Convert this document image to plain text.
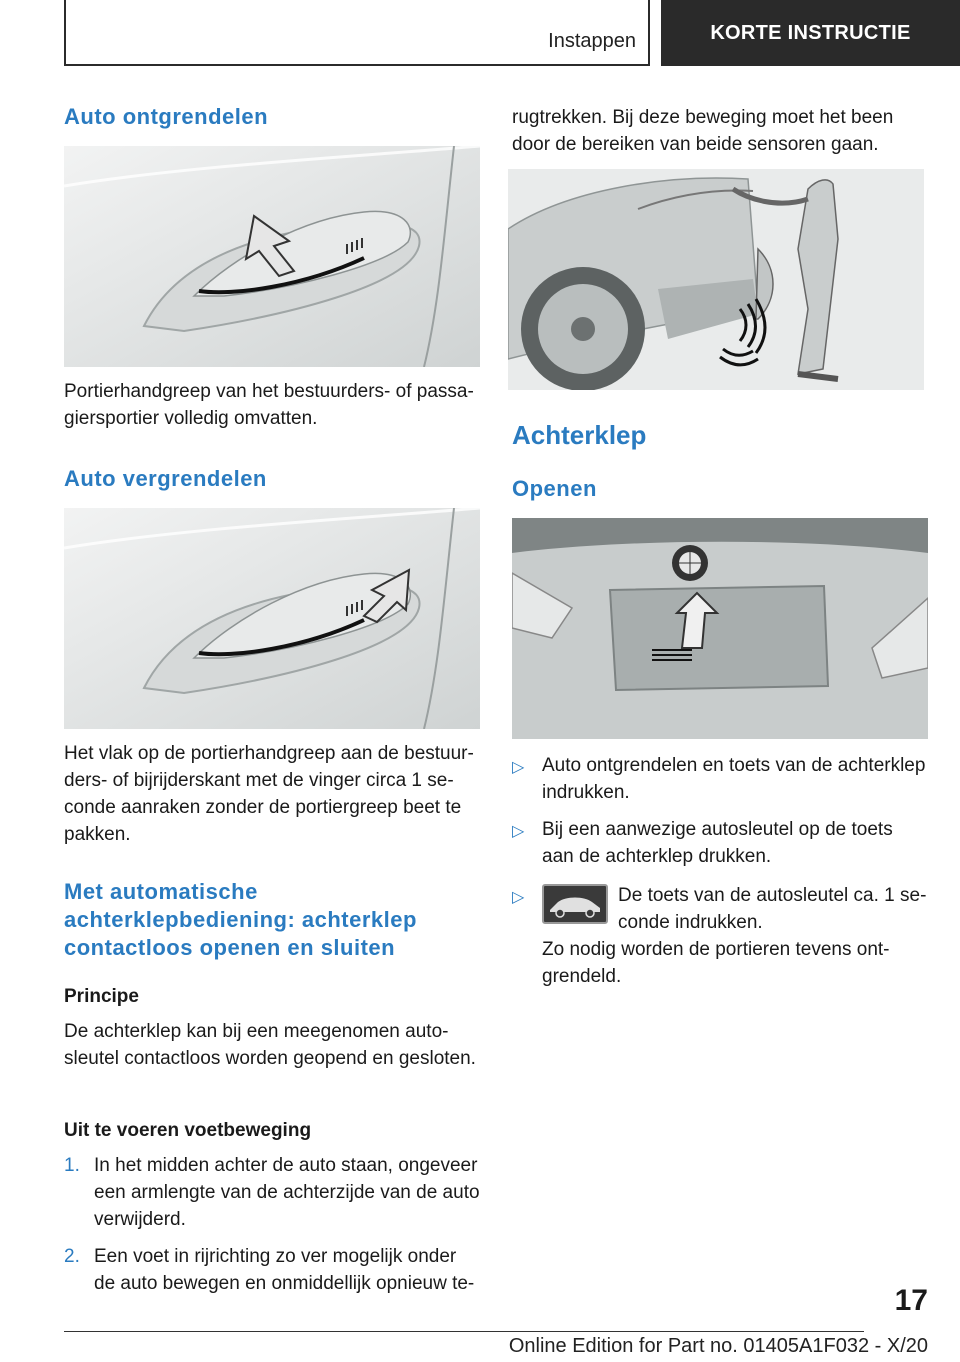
Instappen	KORTE INSTRUCTIE
Auto ontgrendelen

Portierhandgreep van het bestuurders- of passagiersportier volledig omvatten.

Auto vergrendelen

Het vlak op de portierhandgreep aan de bestuurders- of bijrijderskant met de vinger circa 1 seconde aanraken zonder de portiergreep beet te pakken.

Met automatische achterklepbediening: achterklep contactloos openen en sluiten
Principe

De achterklep kan bij een meegenomen autosleutel contactloos worden geopend en gesloten.

Uit te voeren voetbeweging
1. In het midden achter de auto staan, ongeveer een armlengte van de achterzijde van de auto verwijderd.
2. Een voet in rijrichting zo ver mogelijk onder de auto bewegen en onmiddellijk opnieuw te-

rugtrekken. Bij deze beweging moet het been door de bereiken van beide sensoren gaan.

Achterklep
Openen
▷ Auto ontgrendelen en toets van de achterklep indrukken.
▷ Bij een aanwezige autosleutel op de toets aan de achterklep drukken.
▷	De toets van de autosleutel ca. 1 seconde indrukken.

Zo nodig worden de portieren tevens ontgrendeld.

17
Online Edition for Part no. 01405A1F032 - X/20
